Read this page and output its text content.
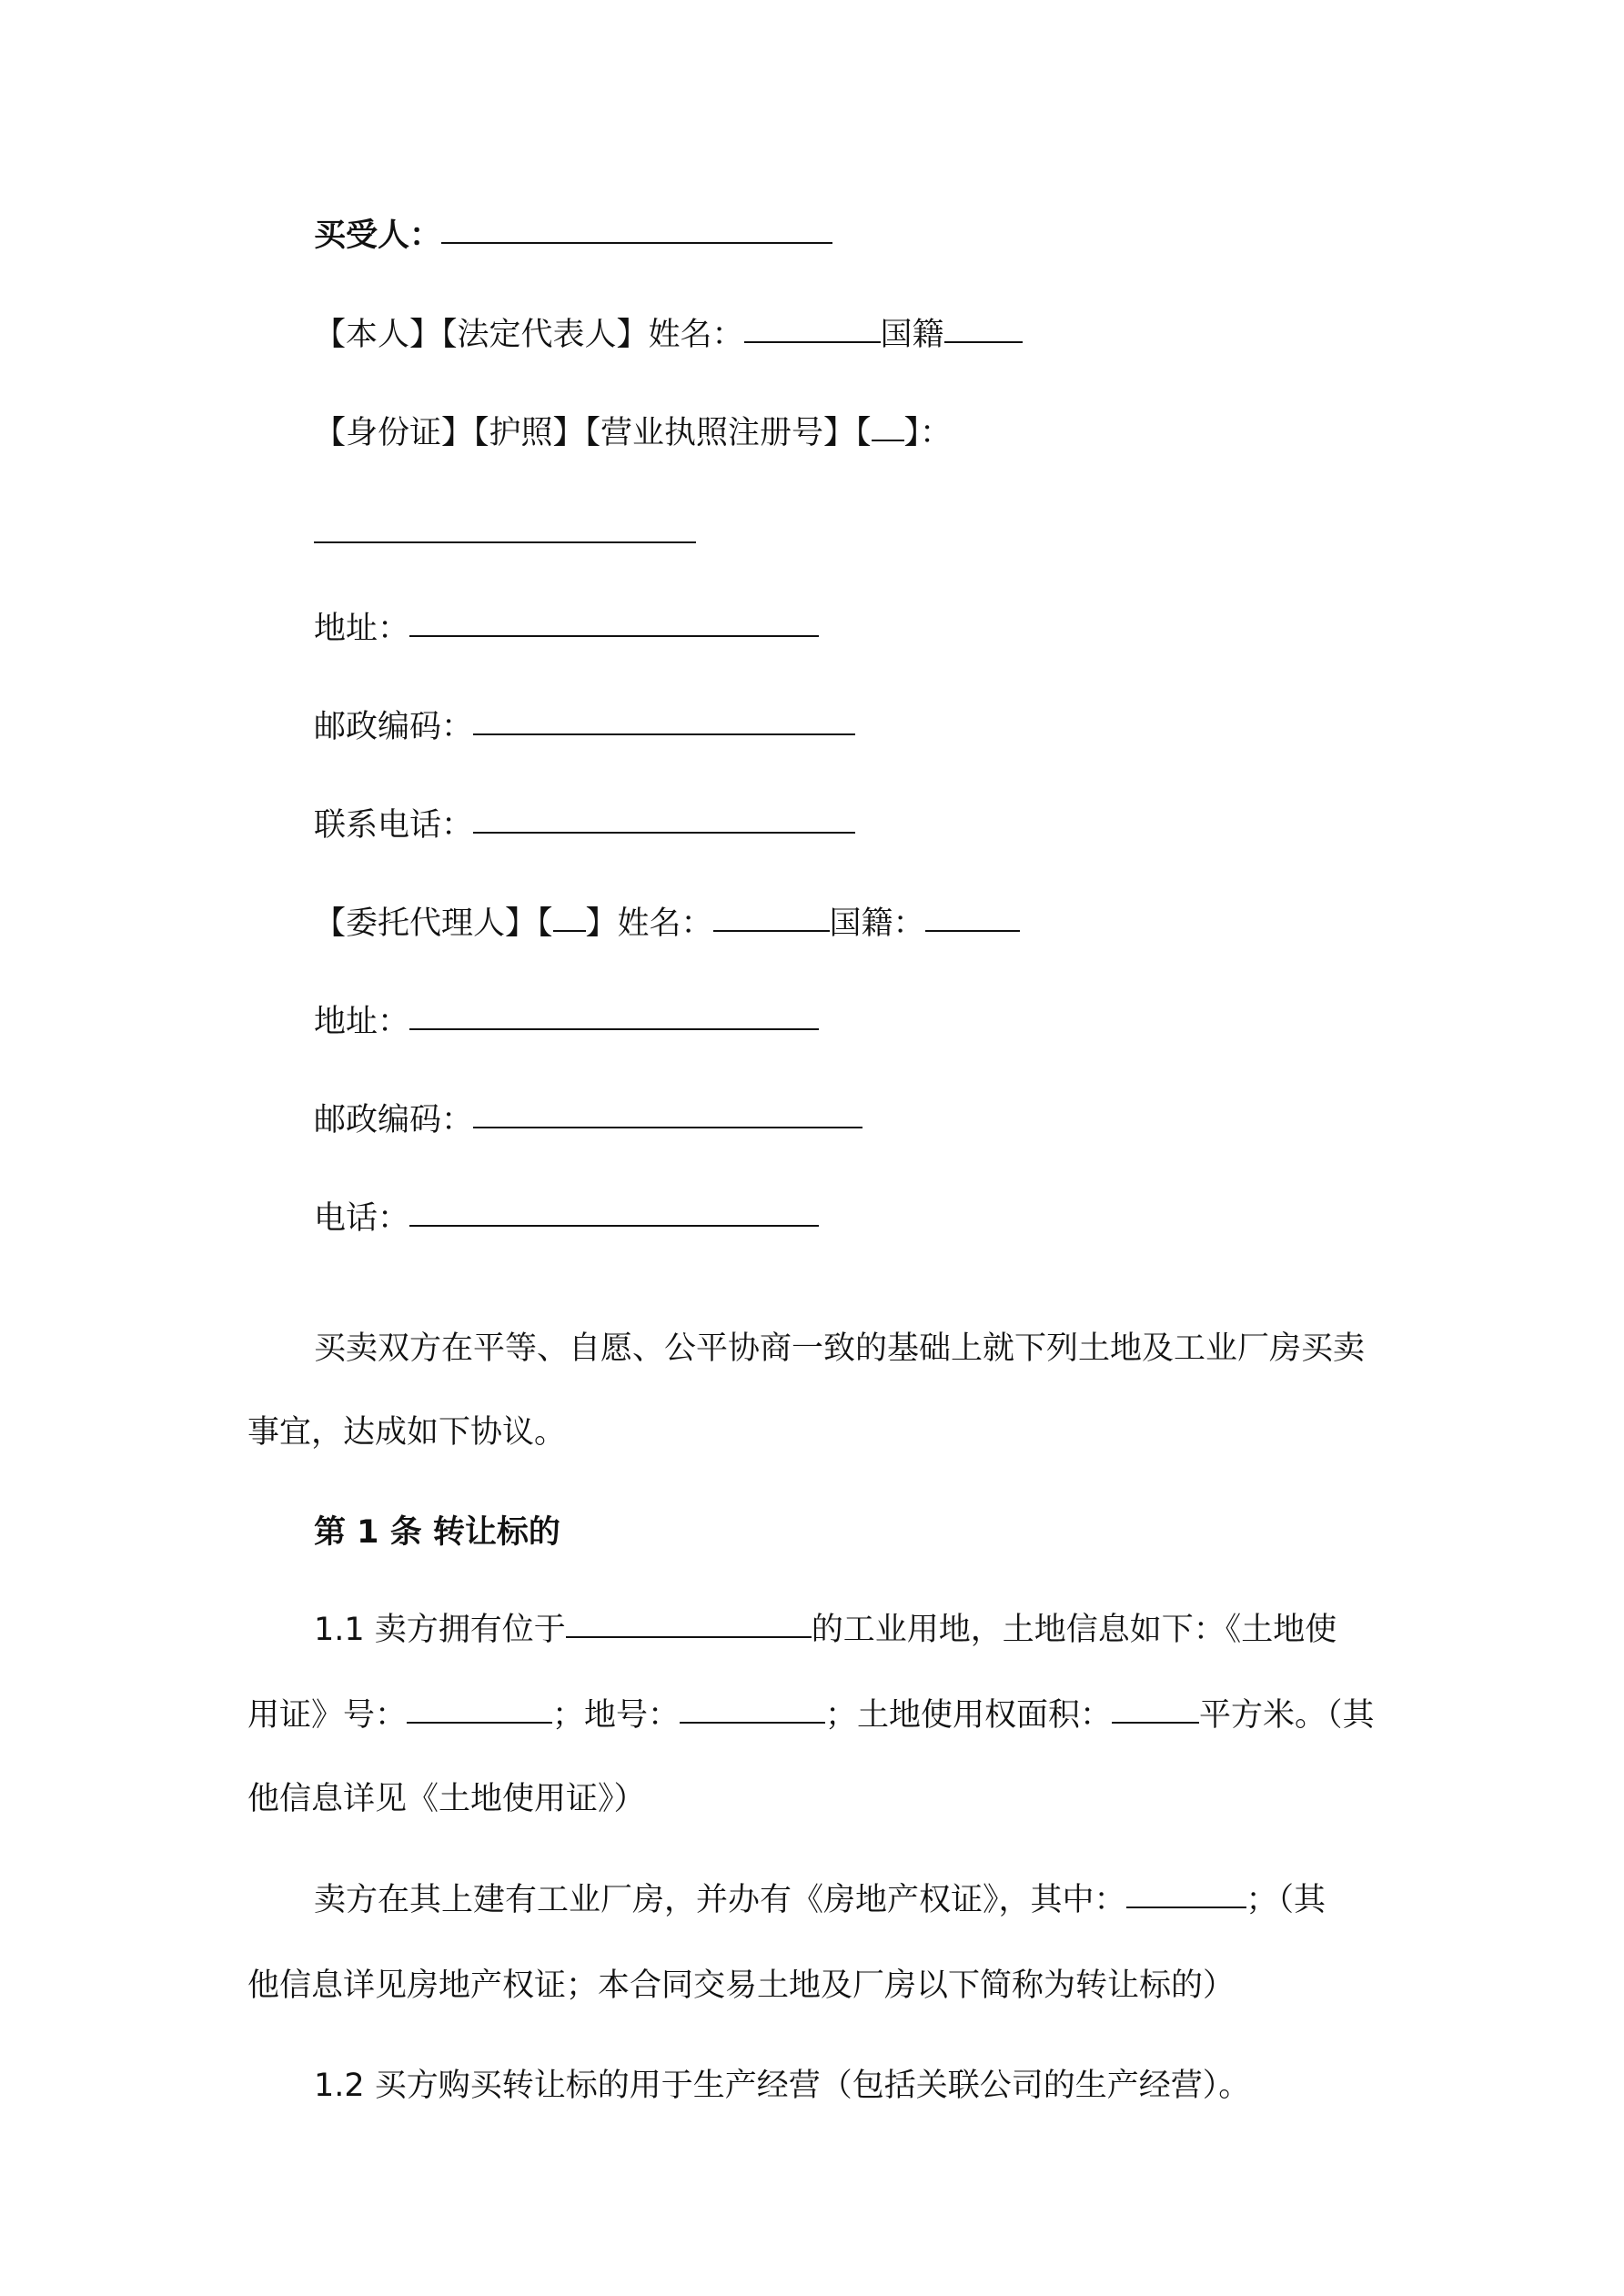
买受人：
【本人】【法定代表人】姓名：	国籍
【身份证】【护照】【营业执照注册号】【 】：
地址：
邮政编码：
联系电话：
【委托代理人】【 】姓名：	国籍：
地址：
邮政编码：
电话：
买卖双方在平等、自愿、公平协商一致的基础上就下列土地及工业厂房买卖
事宜，达成如下协议。
第 1 条 转让标的
1.1 卖方拥有位于	的工业用地，土地信息如下：《土地使
用证》号：	；地号：	；土地使用权面积：	平方米。（其
他信息详见《土地使用证》）
卖方在其上建有工业厂房，并办有《房地产权证》，其中：	；（其
他信息详见房地产权证；本合同交易土地及厂房以下简称为转让标的）
1.2 买方购买转让标的用于生产经营（包括关联公司的生产经营）。
